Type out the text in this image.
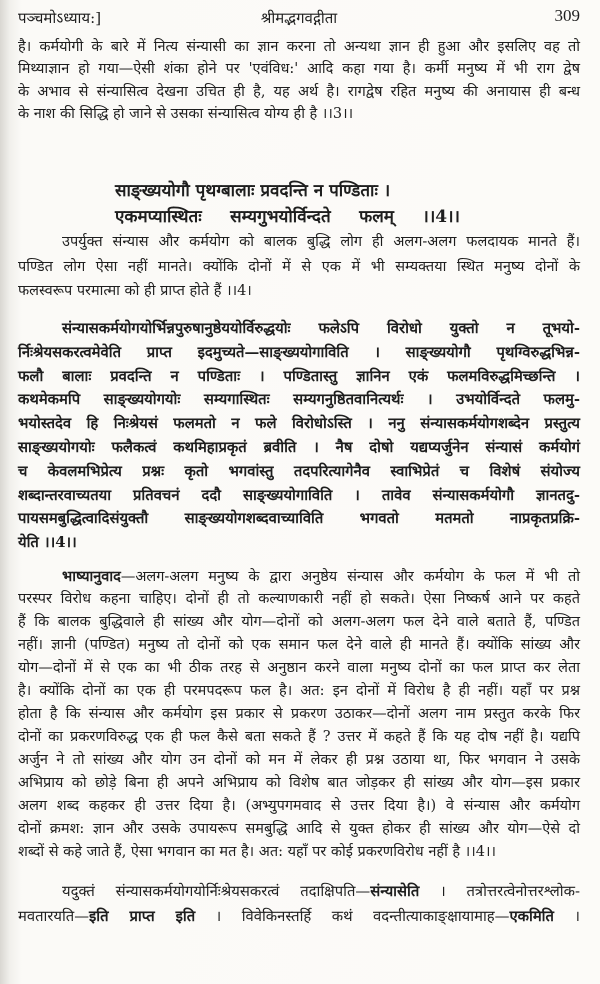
पञ्चमोऽध्याय:]	श्रीमद्भगवद्गीता	309
है। कर्मयोगी के बारे में नित्य संन्यासी का ज्ञान करना तो अन्यथा ज्ञान ही हुआ और इसलिए वह तो
मिथ्याज्ञान हो गया—ऐसी शंका होने पर 'एवंविध:' आदि कहा गया है। कर्मी मनुष्य में भी राग द्वेष
के अभाव से संन्यासित्व देखना उचित ही है, यह अर्थ है। रागद्वेष रहित मनुष्य की अनायास ही बन्ध
के नाश की सिद्धि हो जाने से उसका संन्यासित्व योग्य ही है ।।3।।
साङ्ख्ययोगौ पृथग्बालाः प्रवदन्ति न पण्डिताः ।
एकमप्यास्थितः सम्यगुभयोर्विन्दते फलम् ।।4।।
उपर्युक्त संन्यास और कर्मयोग को बालक बुद्धि लोग ही अलग-अलग फलदायक मानते हैं।
पण्डित लोग ऐसा नहीं मानते। क्योंकि दोनों में से एक में भी सम्यक्तया स्थित मनुष्य दोनों के
फलस्वरूप परमात्मा को ही प्राप्त होते हैं ।।4।
संन्यासकर्मयोगयोर्भिन्नपुरुषानुष्ठेययोर्विरुद्धयोः फलेऽपि विरोधो युक्तो न तूभयो-
र्निःश्रेयसकरत्वमेवेति प्राप्त इदमुच्यते—साङ्ख्ययोगाविति । साङ्ख्ययोगौ पृथग्विरुद्धभिन्न-
फलौ बालाः प्रवदन्ति न पण्डिताः । पण्डितास्तु ज्ञानिन एकं फलमविरुद्धमिच्छन्ति ।
कथमेकमपि साङ्ख्ययोगयोः सम्यगास्थितः सम्यगनुष्ठितवानित्यर्थः । उभयोर्विन्दते फलमु-
भयोस्तदेव हि निःश्रेयसं फलमतो न फले विरोधोऽस्ति । ननु संन्यासकर्मयोगशब्देन प्रस्तुत्य
साङ्ख्ययोगयोः फलैकत्वं कथमिहाप्रकृतं ब्रवीति । नैष दोषो यद्यप्यर्जुनेन संन्यासं कर्मयोगं
च केवलमभिप्रेत्य प्रश्नः कृतो भगवांस्तु तदपरित्यागेनैव स्वाभिप्रेतं च विशेषं संयोज्य
शब्दान्तरवाच्यतया प्रतिवचनं ददौ साङ्ख्ययोगाविति । तावेव संन्यासकर्मयोगौ ज्ञानतदु-
पायसमबुद्धित्वादिसंयुक्तौ साङ्ख्ययोगशब्दवाच्याविति भगवतो मतमतो नाप्रकृतप्रक्रि-
येति ।।4।।
भाष्यानुवाद—अलग-अलग मनुष्य के द्वारा अनुष्ठेय संन्यास और कर्मयोग के फल में भी तो
परस्पर विरोध कहना चाहिए। दोनों ही तो कल्याणकारी नहीं हो सकते। ऐसा निष्कर्ष आने पर कहते
हैं कि बालक बुद्धिवाले ही सांख्य और योग—दोनों को अलग-अलग फल देने वाले बताते हैं, पण्डित
नहीं। ज्ञानी (पण्डित) मनुष्य तो दोनों को एक समान फल देने वाले ही मानते हैं। क्योंकि सांख्य और
योग—दोनों में से एक का भी ठीक तरह से अनुष्ठान करने वाला मनुष्य दोनों का फल प्राप्त कर लेता
है। क्योंकि दोनों का एक ही परमपदरूप फल है। अत: इन दोनों में विरोध है ही नहीं। यहाँ पर प्रश्न
होता है कि संन्यास और कर्मयोग इस प्रकार से प्रकरण उठाकर—दोनों अलग नाम प्रस्तुत करके फिर
दोनों का प्रकरणविरुद्ध एक ही फल कैसे बता सकते हैं ? उत्तर में कहते हैं कि यह दोष नहीं है। यद्यपि
अर्जुन ने तो सांख्य और योग उन दोनों को मन में लेकर ही प्रश्न उठाया था, फिर भगवान ने उसके
अभिप्राय को छोड़े बिना ही अपने अभिप्राय को विशेष बात जोड़कर ही सांख्य और योग—इस प्रकार
अलग शब्द कहकर ही उत्तर दिया है। (अभ्युपगमवाद से उत्तर दिया है।) वे संन्यास और कर्मयोग
दोनों क्रमश: ज्ञान और उसके उपायरूप समबुद्धि आदि से युक्त होकर ही सांख्य और योग—ऐसे दो
शब्दों से कहे जाते हैं, ऐसा भगवान का मत है। अत: यहाँ पर कोई प्रकरणविरोध नहीं है ।।4।।
यदुक्तं संन्यासकर्मयोगयोर्निःश्रेयसकरत्वं तदाक्षिपति—संन्यासेति । तत्रोत्तरत्वेनोत्तरश्लोक-
मवतारयति—इति प्राप्त इति । विवेकिनस्तर्हि कथं वदन्तीत्याकाङ्क्षायामाह—एकमिति ।
